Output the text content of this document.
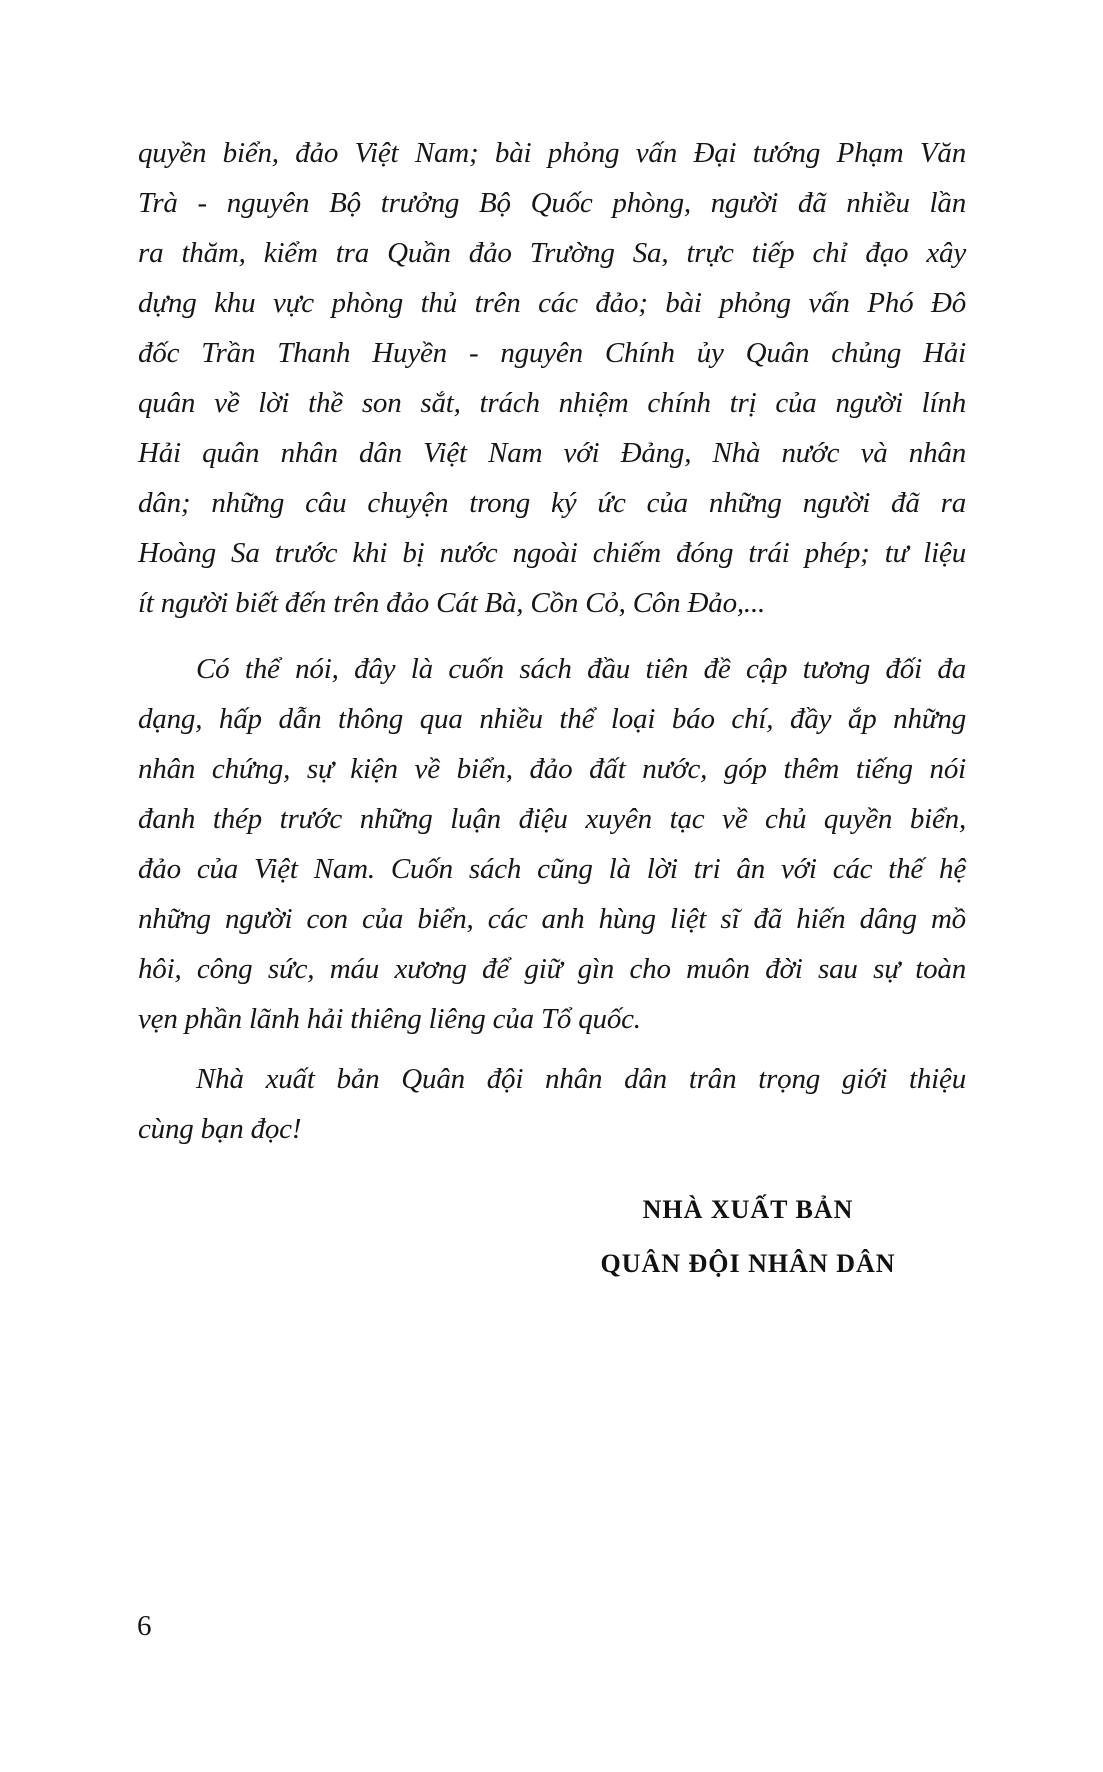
quyền biển, đảo Việt Nam; bài phỏng vấn Đại tướng Phạm Văn
Trà - nguyên Bộ trưởng Bộ Quốc phòng, người đã nhiều lần
ra thăm, kiểm tra Quần đảo Trường Sa, trực tiếp chỉ đạo xây
dựng khu vực phòng thủ trên các đảo; bài phỏng vấn Phó Đô
đốc Trần Thanh Huyền - nguyên Chính ủy Quân chủng Hải
quân về lời thề son sắt, trách nhiệm chính trị của người lính
Hải quân nhân dân Việt Nam với Đảng, Nhà nước và nhân
dân; những câu chuyện trong ký ức của những người đã ra
Hoàng Sa trước khi bị nước ngoài chiếm đóng trái phép; tư liệu
ít người biết đến trên đảo Cát Bà, Cồn Cỏ, Côn Đảo,...
Có thể nói, đây là cuốn sách đầu tiên đề cập tương đối đa
dạng, hấp dẫn thông qua nhiều thể loại báo chí, đầy ắp những
nhân chứng, sự kiện về biển, đảo đất nước, góp thêm tiếng nói
đanh thép trước những luận điệu xuyên tạc về chủ quyền biển,
đảo của Việt Nam. Cuốn sách cũng là lời tri ân với các thế hệ
những người con của biển, các anh hùng liệt sĩ đã hiến dâng mồ
hôi, công sức, máu xương để giữ gìn cho muôn đời sau sự toàn
vẹn phần lãnh hải thiêng liêng của Tổ quốc.
Nhà xuất bản Quân đội nhân dân trân trọng giới thiệu
cùng bạn đọc!
NHÀ XUẤT BẢN
QUÂN ĐỘI NHÂN DÂN
6
